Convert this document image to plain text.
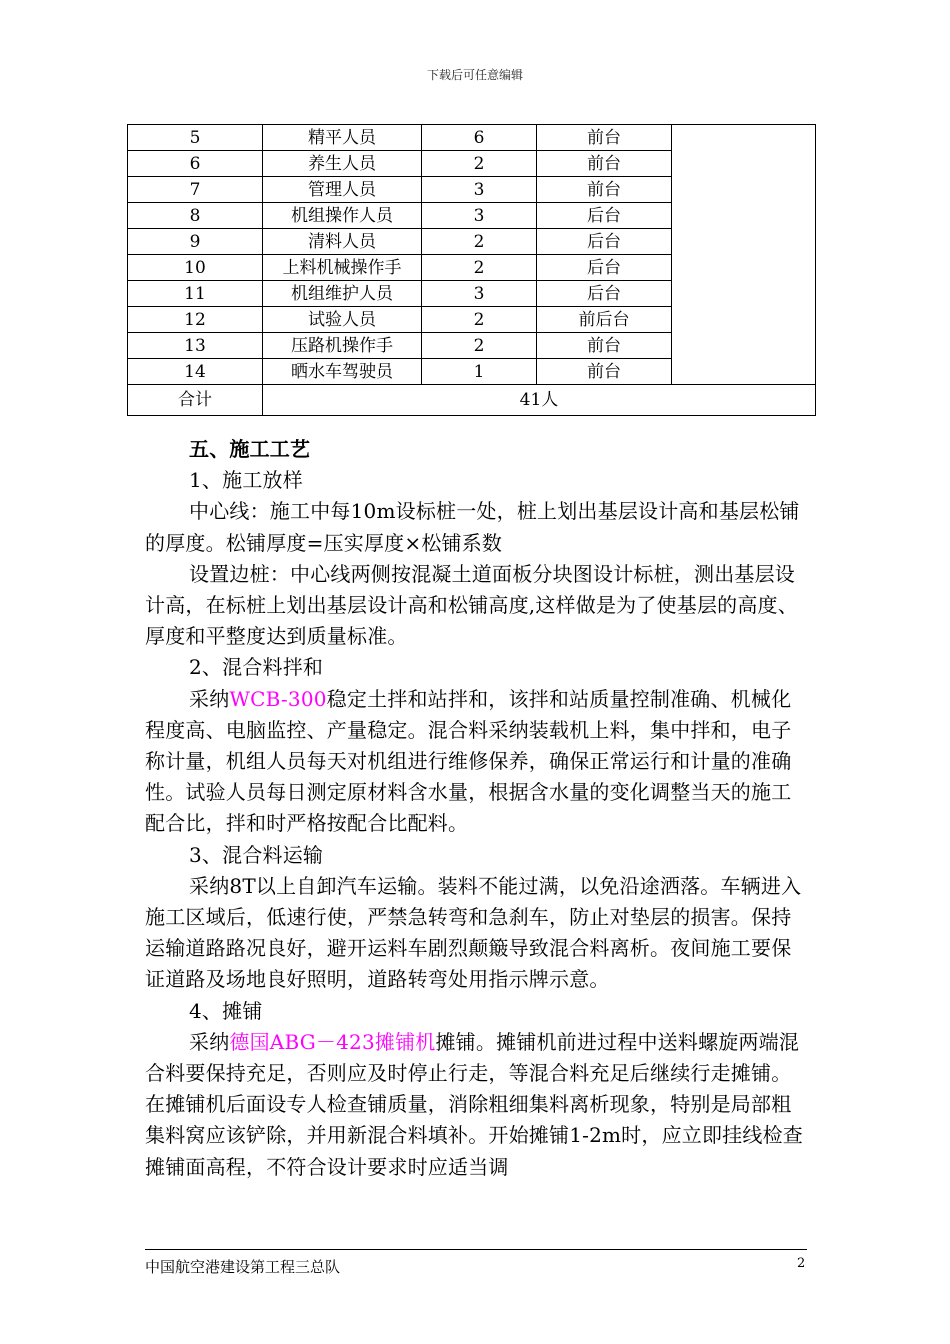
下载后可任意编辑
5	精平人员	6	前台	
6	养生人员	2	前台	
7	管理人员	3	前台	
8	机组操作人员	3	后台	
9	清料人员	2	后台	
10	上料机械操作手	2	后台	
11	机组维护人员	3	后台	
12	试验人员	2	前后台	
13	压路机操作手	2	前台	
14	晒水车驾驶员	1	前台	
合计	41人			

五、施工工艺

1、施工放样

中心线：施工中每10m设标桩一处，桩上划出基层设计高和基层松铺的厚度。松铺厚度=压实厚度×松铺系数

设置边桩：中心线两侧按混凝土道面板分块图设计标桩，测出基层设计高，在标桩上划出基层设计高和松铺高度,这样做是为了使基层的高度、厚度和平整度达到质量标准。

2、混合料拌和

采纳WCB-300稳定土拌和站拌和，该拌和站质量控制准确、机械化程度高、电脑监控、产量稳定。混合料采纳装载机上料，集中拌和，电子称计量，机组人员每天对机组进行维修保养，确保正常运行和计量的准确性。试验人员每日测定原材料含水量，根据含水量的变化调整当天的施工配合比，拌和时严格按配合比配料。

3、混合料运输

采纳8T以上自卸汽车运输。装料不能过满，以免沿途洒落。车辆进入施工区域后，低速行使，严禁急转弯和急刹车，防止对垫层的损害。保持运输道路路况良好，避开运料车剧烈颠簸导致混合料离析。夜间施工要保证道路及场地良好照明，道路转弯处用指示牌示意。

4、摊铺

采纳德国ABG－423摊铺机摊铺。摊铺机前进过程中送料螺旋两端混合料要保持充足，否则应及时停止行走，等混合料充足后继续行走摊铺。在摊铺机后面设专人检查铺质量，消除粗细集料离析现象，特别是局部粗集料窝应该铲除，并用新混合料填补。开始摊铺1-2m时，应立即挂线检查摊铺面高程，不符合设计要求时应适当调

中国航空港建设第工程三总队	2
